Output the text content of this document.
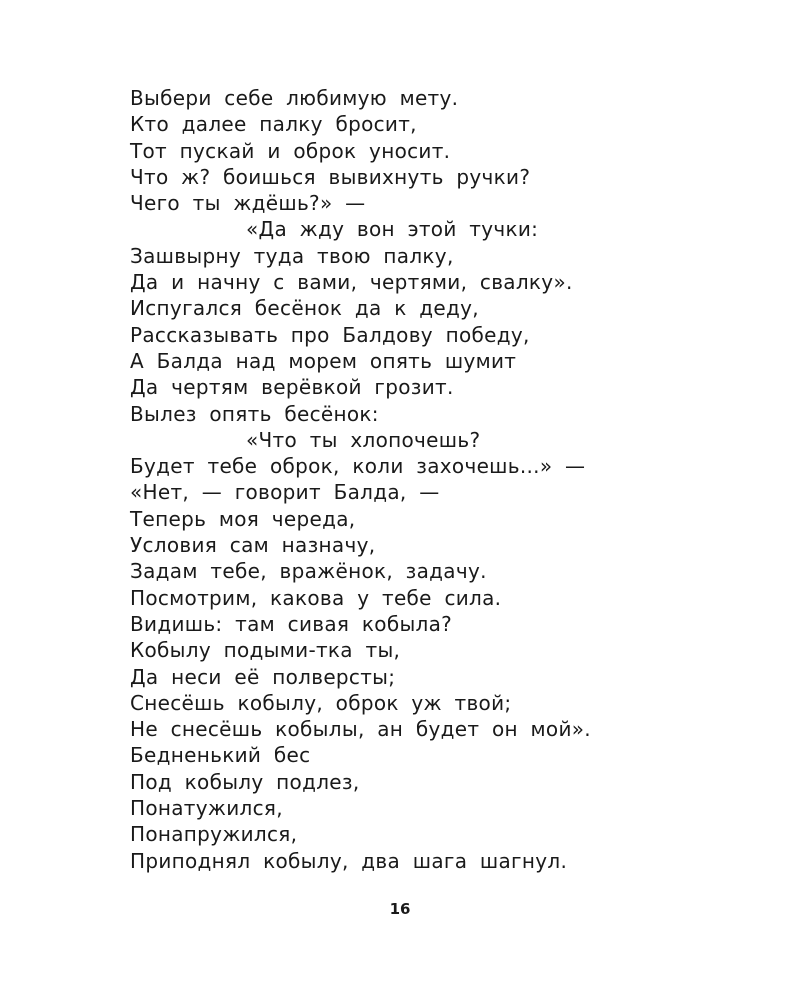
Выбери себе любимую мету.
Кто далее палку бросит,
Тот пускай и оброк уносит.
Что ж? боишься вывихнуть ручки?
Чего ты ждёшь?» —
«Да жду вон этой тучки:
Зашвырну туда твою палку,
Да и начну с вами, чертями, свалку».
Испугался бесёнок да к деду,
Рассказывать про Балдову победу,
А Балда над морем опять шумит
Да чертям верёвкой грозит.
Вылез опять бесёнок:
«Что ты хлопочешь?
Будет тебе оброк, коли захочешь...» —
«Нет, — говорит Балда, —
Теперь моя череда,
Условия сам назначу,
Задам тебе, вражёнок, задачу.
Посмотрим, какова у тебе сила.
Видишь: там сивая кобыла?
Кобылу подыми-тка ты,
Да неси её полверсты;
Снесёшь кобылу, оброк уж твой;
Не снесёшь кобылы, ан будет он мой».
Бедненький бес
Под кобылу подлез,
Понатужился,
Понапружился,
Приподнял кобылу, два шага шагнул.
16
